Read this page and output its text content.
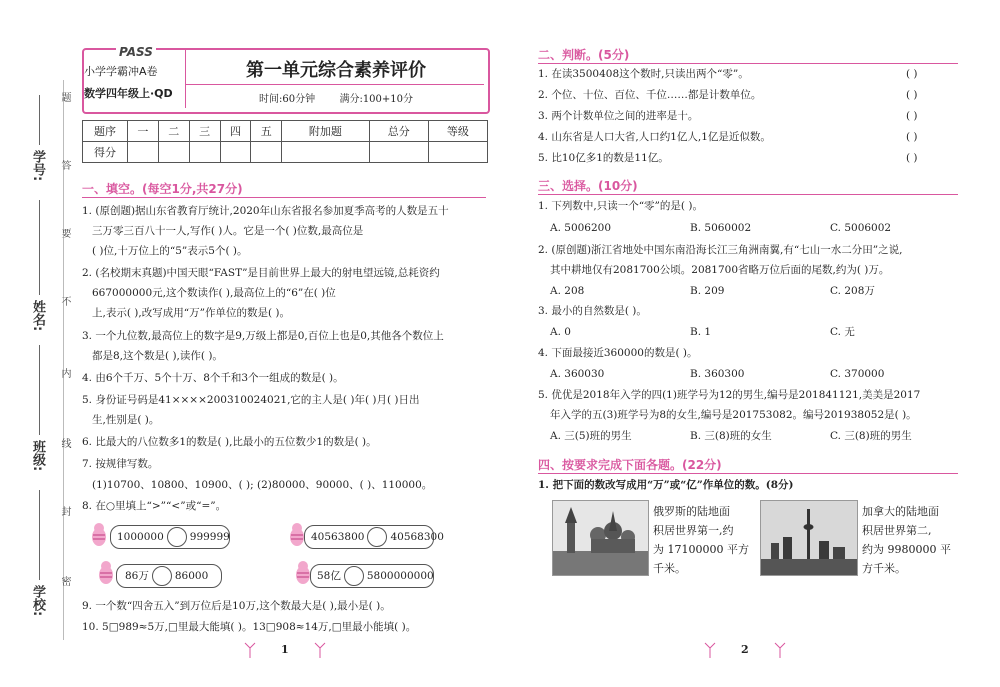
学号:
姓名:
班级:
学校:
题
答
要
不
内
线
封
密
PASS
小学学霸冲A卷
数学四年级上·QD
第一单元综合素养评价
时间:60分钟 满分:100+10分
题序	一	二	三	四	五	附加题	总分	等级
得分								
一、填空。(每空1分,共27分)
1. (原创题)据山东省教育厅统计,2020年山东省报名参加夏季高考的人数是五十
三万零三百八十一人,写作( )人。它是一个( )位数,最高位是
( )位,十万位上的“5”表示5个( )。
2. (名校期末真题)中国天眼“FAST”是目前世界上最大的射电望远镜,总耗资约
667000000元,这个数读作( ),最高位上的“6”在( )位
上,表示( ),改写成用“万”作单位的数是( )。
3. 一个九位数,最高位上的数字是9,万级上都是0,百位上也是0,其他各个数位上
都是8,这个数是( ),读作( )。
4. 由6个千万、5个十万、8个千和3个一组成的数是( )。
5. 身份证号码是41××××200310024021,它的主人是( )年( )月( )日出
生,性别是( )。
6. 比最大的八位数多1的数是( ),比最小的五位数少1的数是( )。
7. 按规律写数。
(1)10700、10800、10900、( ); (2)80000、90000、( )、110000。
8. 在○里填上“>”“<”或“=”。
1000000 999999	40563800 40568300
86万 86000	58亿 5800000000
9. 一个数“四舍五入”到万位后是10万,这个数最大是( ),最小是( )。
10. 5□989≈5万,□里最大能填( )。13□908≈14万,□里最小能填( )。
1
二、判断。(5分)
1. 在读3500408这个数时,只读出两个“零”。
2. 个位、十位、百位、千位……都是计数单位。
3. 两个计数单位之间的进率是十。
4. 山东省是人口大省,人口约1亿人,1亿是近似数。
5. 比10亿多1的数是11亿。
( )
( )
( )
( )
( )
三、选择。(10分)
1. 下列数中,只读一个“零”的是( )。
A. 5006200	B. 5060002	C. 5006002
2. (原创题)浙江省地处中国东南沿海长江三角洲南翼,有“七山一水二分田”之说,
其中耕地仅有2081700公顷。2081700省略万位后面的尾数,约为( )万。
A. 208	B. 209	C. 208万
3. 最小的自然数是( )。
A. 0	B. 1	C. 无
4. 下面最接近360000的数是( )。
A. 360030	B. 360300	C. 370000
5. 优优是2018年入学的四(1)班学号为12的男生,编号是201841121,美美是2017
年入学的五(3)班学号为8的女生,编号是201753082。编号201938052是( )。
A. 三(5)班的男生	B. 三(8)班的女生	C. 三(8)班的男生
四、按要求完成下面各题。(22分)
1. 把下面的数改写成用“万”或“亿”作单位的数。(8分)
俄罗斯的陆地面
积居世界第一,约
为 17100000 平方
千米。
加拿大的陆地面
积居世界第二,
约为 9980000 平
方千米。
2
